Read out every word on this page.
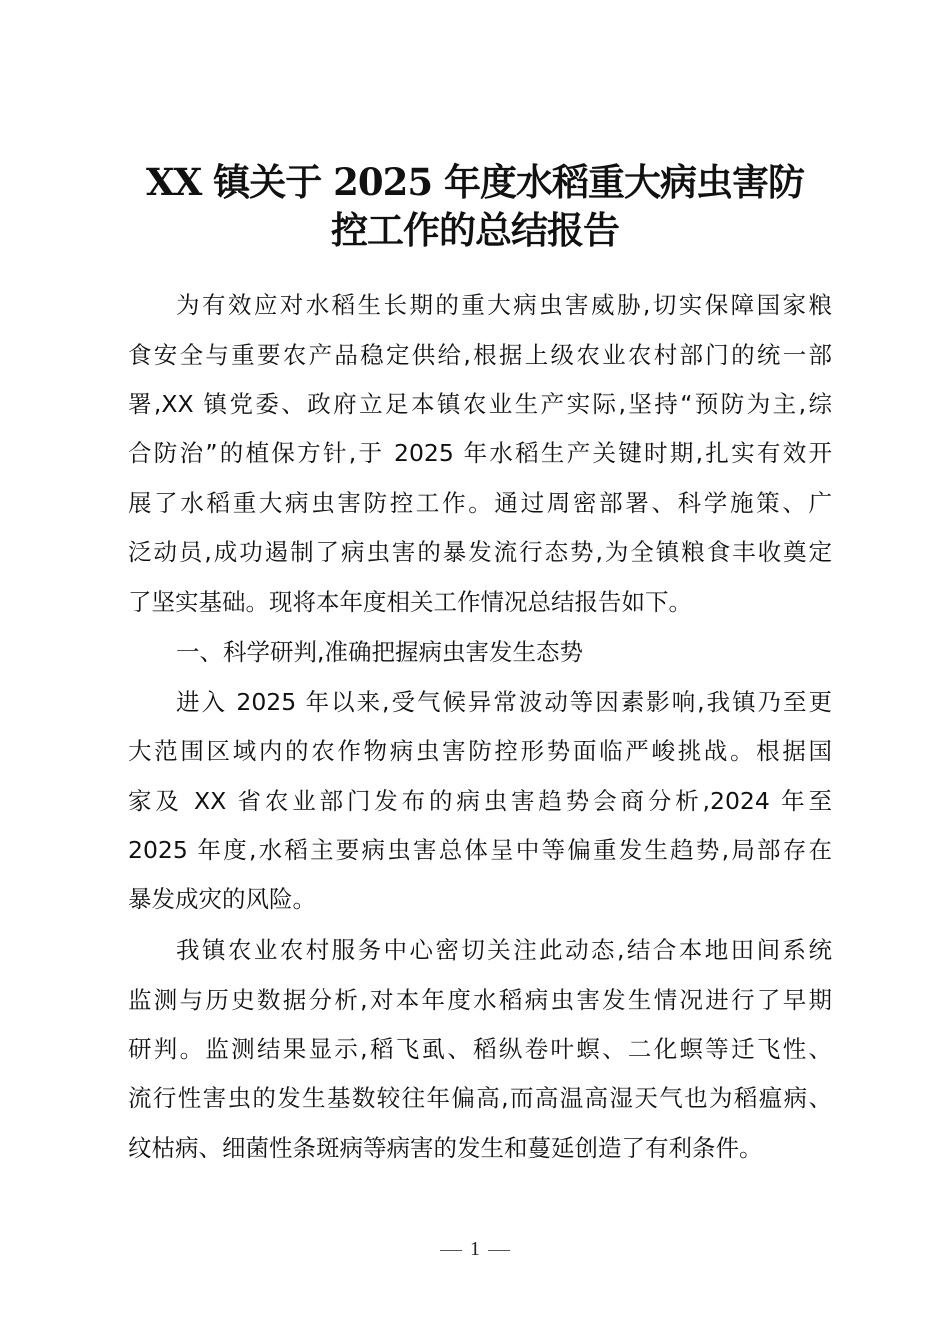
XX 镇关于 2025 年度水稻重大病虫害防
控工作的总结报告
为有效应对水稻生长期的重大病虫害威胁,切实保障国家粮
食安全与重要农产品稳定供给,根据上级农业农村部门的统一部
署,XX 镇党委、政府立足本镇农业生产实际,坚持“预防为主,综
合防治”的植保方针,于 2025 年水稻生产关键时期,扎实有效开
展了水稻重大病虫害防控工作。通过周密部署、科学施策、广
泛动员,成功遏制了病虫害的暴发流行态势,为全镇粮食丰收奠定
了坚实基础。现将本年度相关工作情况总结报告如下。
一、科学研判,准确把握病虫害发生态势
进入 2025 年以来,受气候异常波动等因素影响,我镇乃至更
大范围区域内的农作物病虫害防控形势面临严峻挑战。根据国
家及 XX 省农业部门发布的病虫害趋势会商分析,2024 年至
2025 年度,水稻主要病虫害总体呈中等偏重发生趋势,局部存在
暴发成灾的风险。
我镇农业农村服务中心密切关注此动态,结合本地田间系统
监测与历史数据分析,对本年度水稻病虫害发生情况进行了早期
研判。监测结果显示,稻飞虱、稻纵卷叶螟、二化螟等迁飞性、
流行性害虫的发生基数较往年偏高,而高温高湿天气也为稻瘟病、
纹枯病、细菌性条斑病等病害的发生和蔓延创造了有利条件。
1
